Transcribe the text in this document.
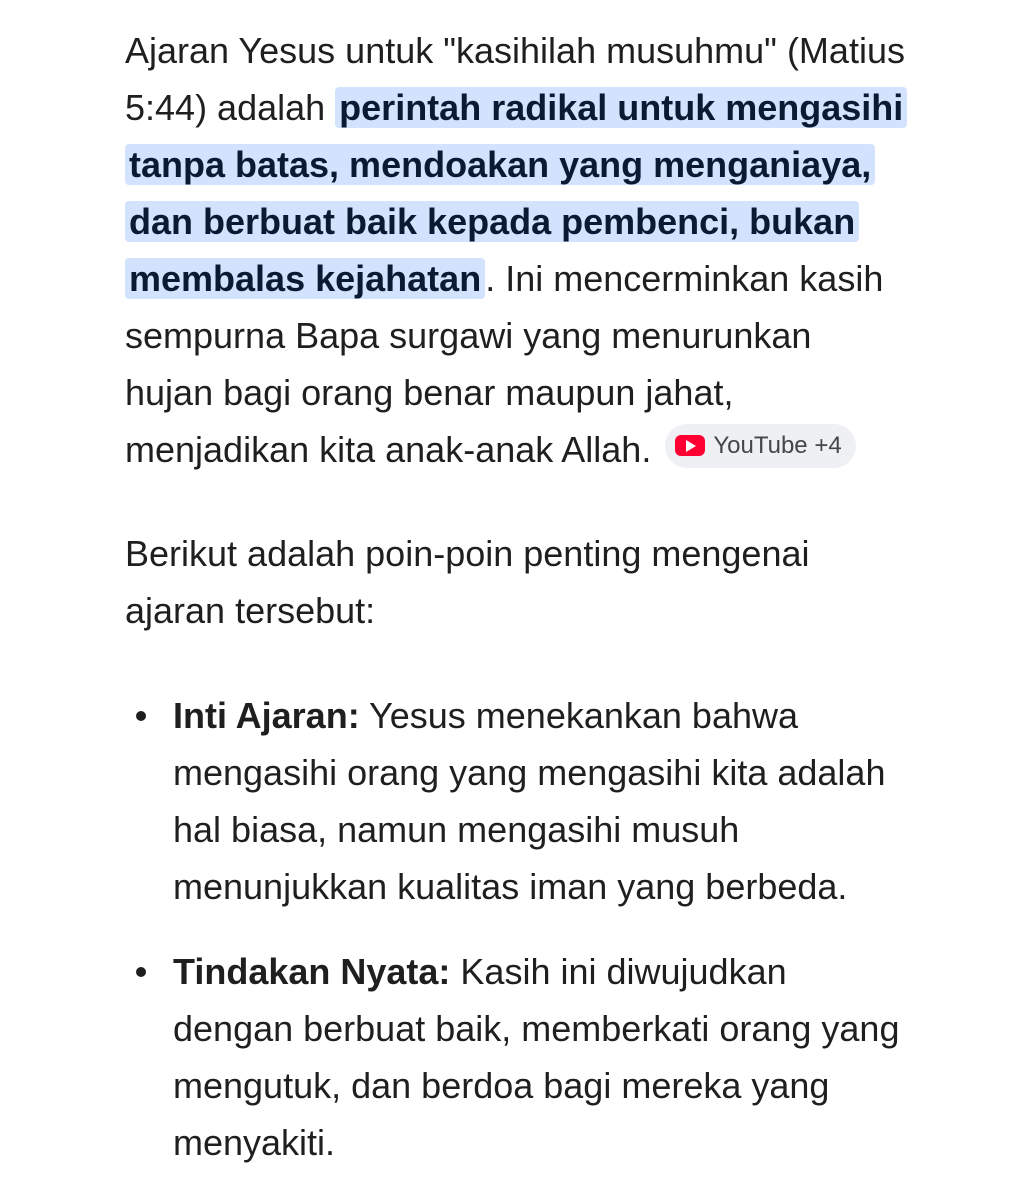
Ajaran Yesus untuk "kasihilah musuhmu" (Matius 5:44) adalah perintah radikal untuk mengasihi tanpa batas, mendoakan yang menganiaya, dan berbuat baik kepada pembenci, bukan membalas kejahatan . Ini mencerminkan kasih sempurna Bapa surgawi yang menurunkan hujan bagi orang benar maupun jahat, menjadikan kita anak-anak Allah.	YouTube +4

Berikut adalah poin-poin penting mengenai ajaran tersebut:

Inti Ajaran: Yesus menekankan bahwa mengasihi orang yang mengasihi kita adalah hal biasa, namun mengasihi musuh menunjukkan kualitas iman yang berbeda.
Tindakan Nyata: Kasih ini diwujudkan dengan berbuat baik, memberkati orang yang mengutuk, dan berdoa bagi mereka yang menyakiti.
